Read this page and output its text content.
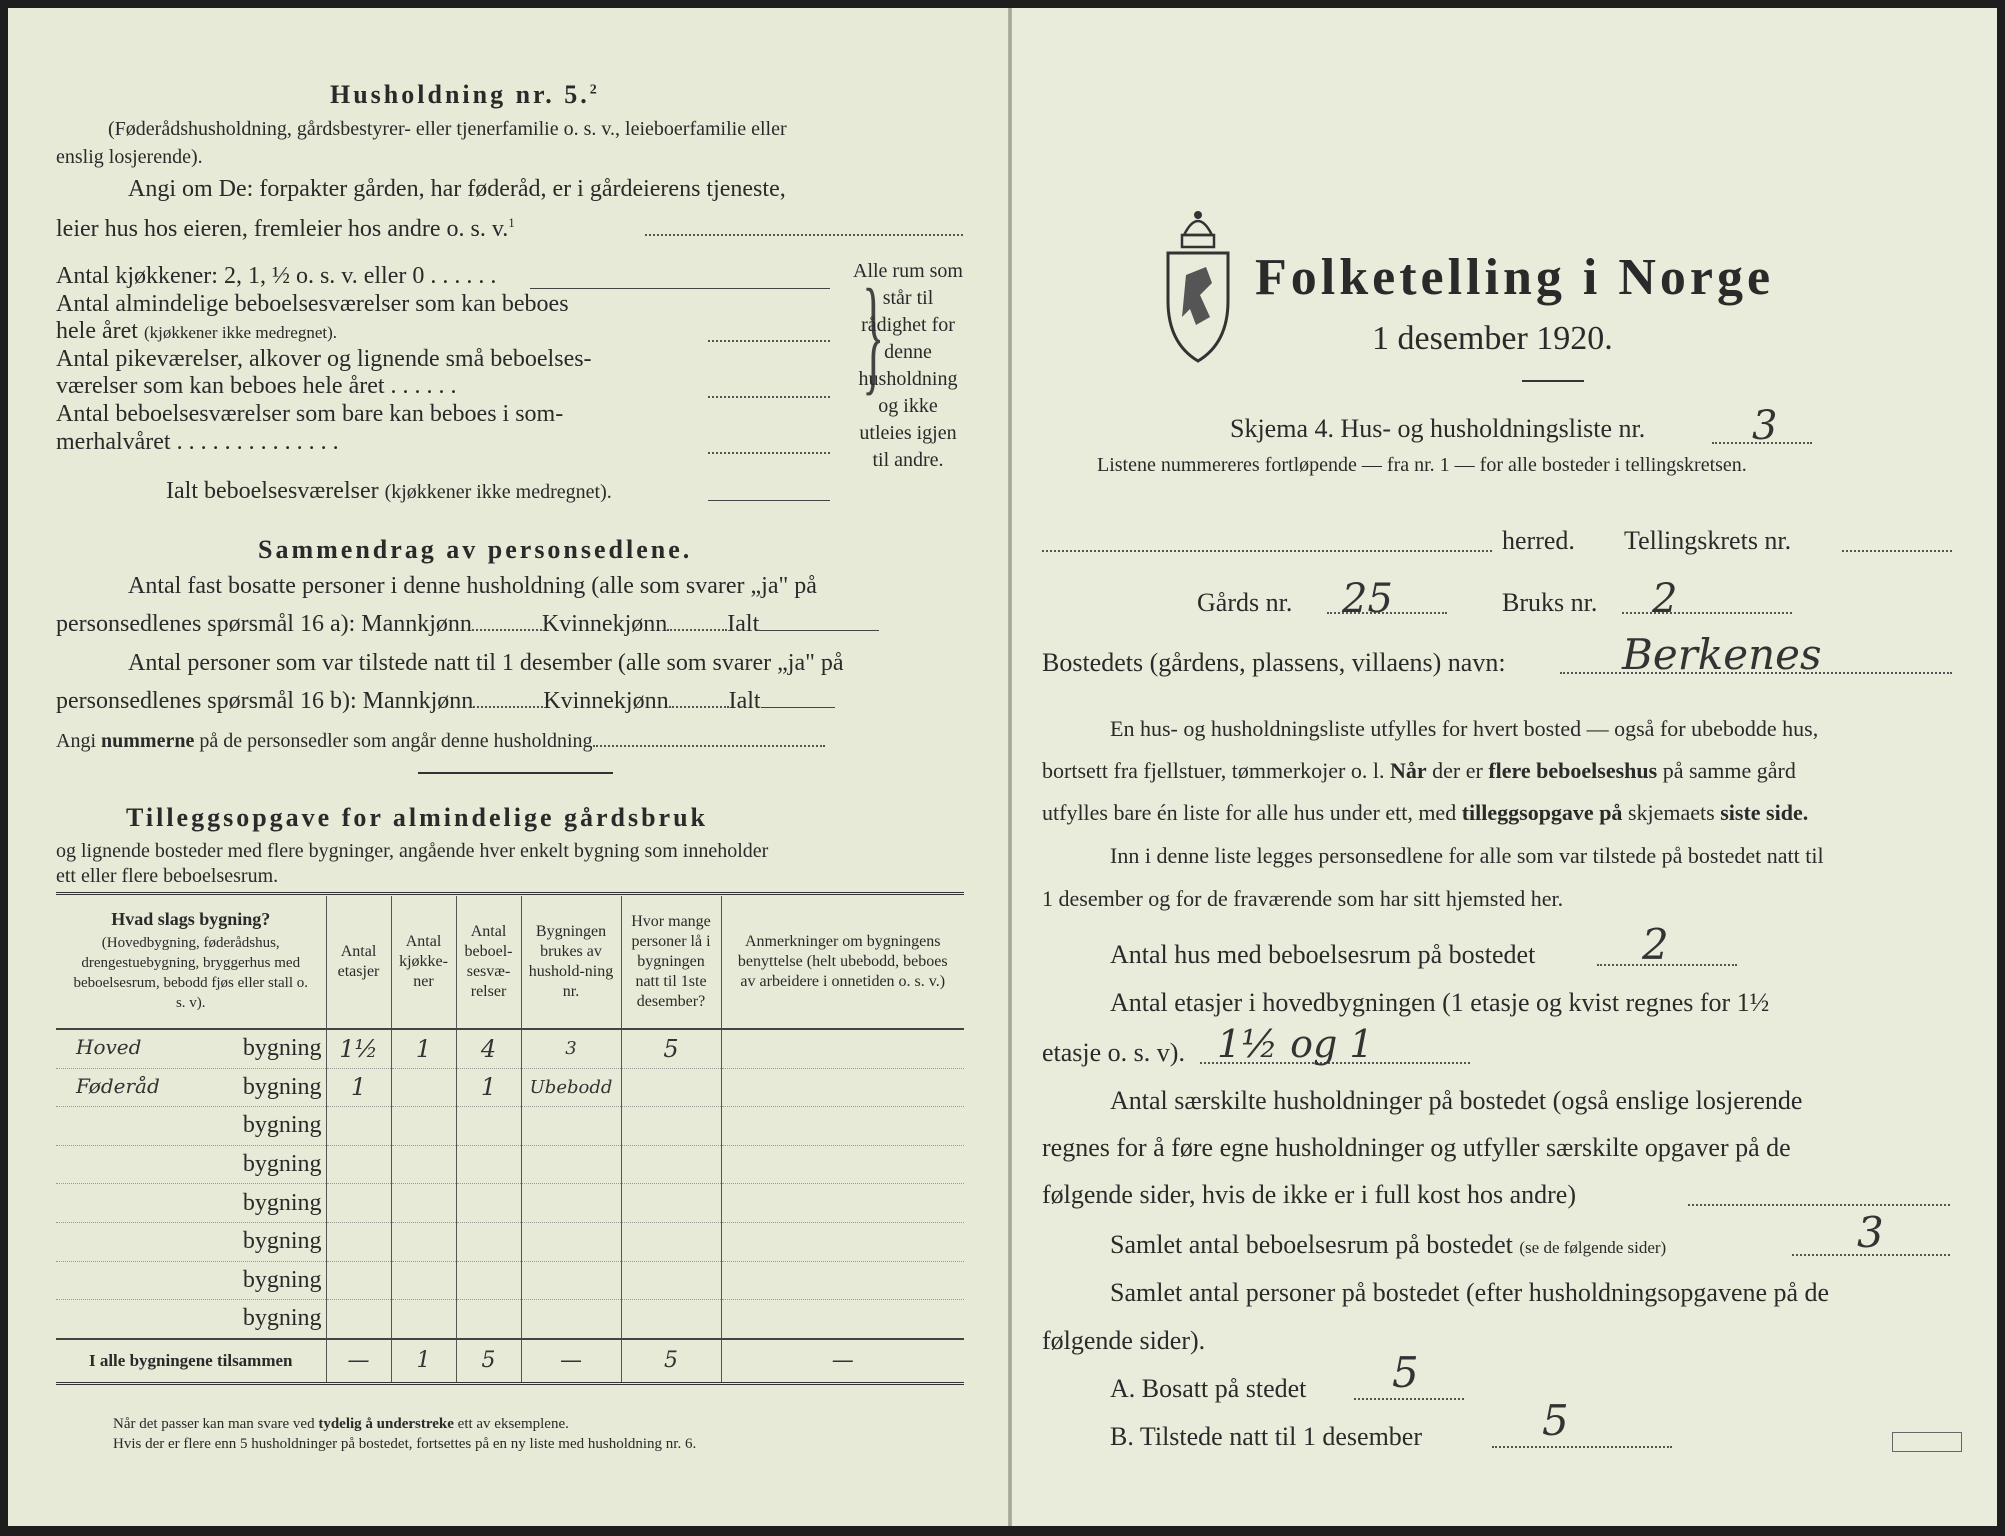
Husholdning nr. 5.$^2$
(Føderådshusholdning, gårdsbestyrer- eller tjenerfamilie o. s. v., leieboerfamilie eller
enslig losjerende).
Angi om De: forpakter gården, har føderåd, er i gårdeierens tjeneste,
leier hus hos eieren, fremleier hos andre o. s. v.$^1$
Antal kjøkkener: 2, 1, ½ o. s. v. eller 0 . . . . . .
Antal almindelige beboelsesværelser som kan beboes
hele året (kjøkkener ikke medregnet).
Antal pikeværelser, alkover og lignende små beboelses-
værelser som kan beboes hele året . . . . . .
Antal beboelsesværelser som bare kan beboes i som-
merhalvåret . . . . . . . . . . . . . .
Ialt beboelsesværelser (kjøkkener ikke medregnet).
}
Alle rum som står til rådighet for denne husholdning og ikke utleies igjen til andre.
Sammendrag av personsedlene.
Antal fast bosatte personer i denne husholdning (alle som svarer „ja" på
personsedlenes spørsmål 16 a): Mannkjønn	Kvinnekjønn	Ialt
Antal personer som var tilstede natt til 1 desember (alle som svarer „ja" på
personsedlenes spørsmål 16 b): Mannkjønn	Kvinnekjønn	Ialt
Angi nummerne på de personsedler som angår denne husholdning
Tilleggsopgave for almindelige gårdsbruk
og lignende bosteder med flere bygninger, angående hver enkelt bygning som inneholder
ett eller flere beboelsesrum.
Hvad slags bygning?

(Hovedbygning, føderådshus, drengestuebygning, bryggerhus med beboelsesrum, bebodd fjøs eller stall o. s. v).	Antal etasjer	Antal kjøkke-ner	Antal beboel-sesvæ-relser	Bygningen brukes av hushold-ning nr.	Hvor mange personer lå i bygningen natt til 1ste desember?	Anmerkninger om bygningens benyttelse (helt ubebodd, beboes av arbeidere i onnetiden o. s. v.)

Hoved bygning	1½	1	4	3	5	

Føderåd bygning	1		1	Ubebodd		

bygning						

bygning						

bygning						

bygning						

bygning						

bygning						
I alle bygningene tilsammen	—	1	5	—	5	—
Når det passer kan man svare ved tydelig å understreke ett av eksemplene.
Hvis der er flere enn 5 husholdninger på bostedet, fortsettes på en ny liste med husholdning nr. 6.
Folketelling i Norge
1 desember 1920.
Skjema 4. Hus- og husholdningsliste nr.	3
Listene nummereres fortløpende — fra nr. 1 — for alle bosteder i tellingskretsen.
herred. Tellingskrets nr.
Gårds nr. 25	Bruks nr. 2
Bostedets (gårdens, plassens, villaens) navn:	Berkenes
En hus- og husholdningsliste utfylles for hvert bosted — også for ubebodde hus,
bortsett fra fjellstuer, tømmerkojer o. l. Når der er flere beboelseshus på samme gård
utfylles bare én liste for alle hus under ett, med tilleggsopgave på skjemaets siste side.
Inn i denne liste legges personsedlene for alle som var tilstede på bostedet natt til
1 desember og for de fraværende som har sitt hjemsted her.
Antal hus med beboelsesrum på bostedet	2
Antal etasjer i hovedbygningen (1 etasje og kvist regnes for 1½
etasje o. s. v). 1½ og 1
Antal særskilte husholdninger på bostedet (også enslige losjerende
regnes for å føre egne husholdninger og utfyller særskilte opgaver på de
følgende sider, hvis de ikke er i full kost hos andre)
Samlet antal beboelsesrum på bostedet (se de følgende sider)	3
Samlet antal personer på bostedet (efter husholdningsopgavene på de
følgende sider).
A. Bosatt på stedet 5
B. Tilstede natt til 1 desember	5
